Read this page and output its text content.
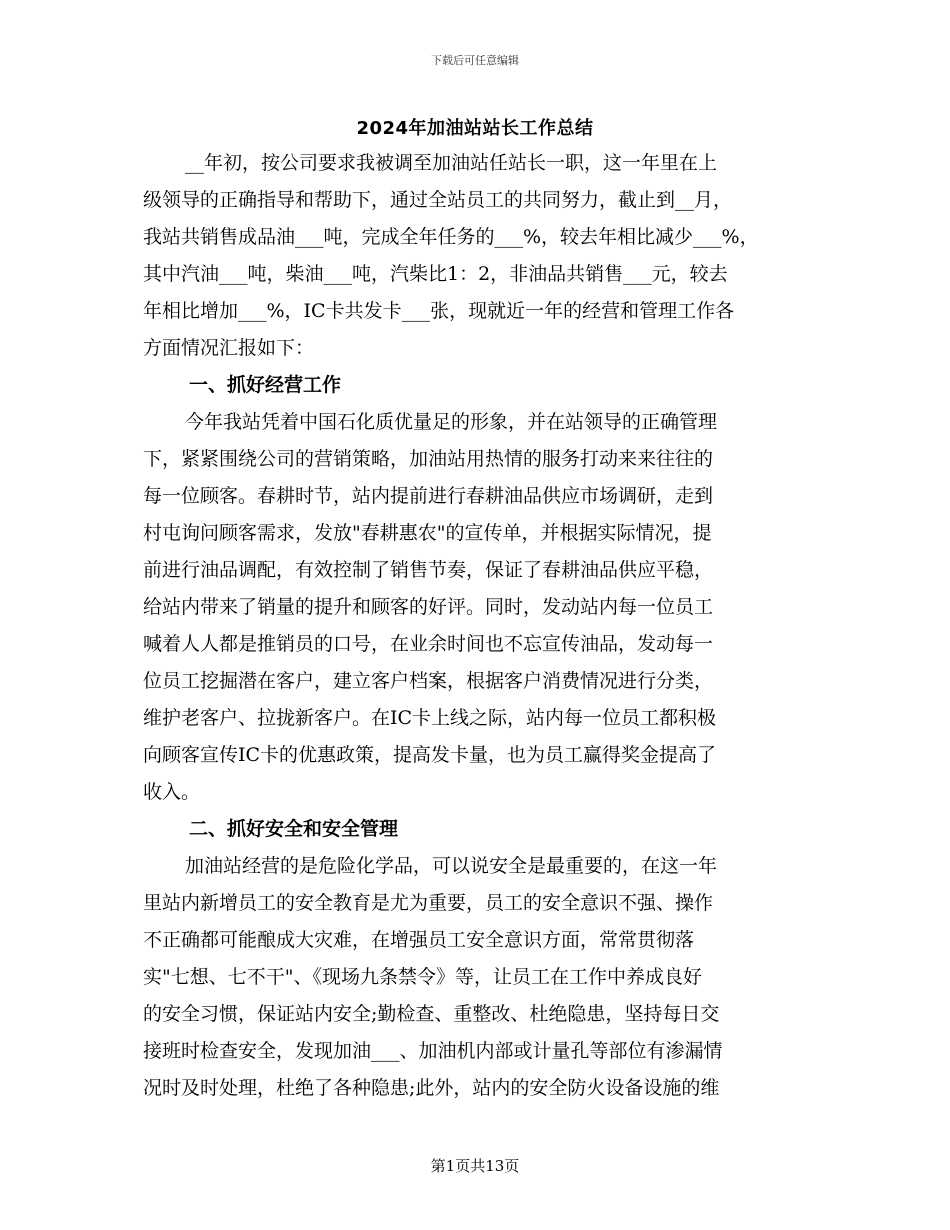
下载后可任意编辑
2024年加油站站长工作总结
__年初，按公司要求我被调至加油站任站长一职，这一年里在上
级领导的正确指导和帮助下，通过全站员工的共同努力，截止到__月，
我站共销售成品油___吨，完成全年任务的___%，较去年相比减少___%，
其中汽油___吨，柴油___吨，汽柴比1：2，非油品共销售___元，较去
年相比增加___%，IC卡共发卡___张，现就近一年的经营和管理工作各
方面情况汇报如下：
一、抓好经营工作
今年我站凭着中国石化质优量足的形象，并在站领导的正确管理
下，紧紧围绕公司的营销策略，加油站用热情的服务打动来来往往的
每一位顾客。春耕时节，站内提前进行春耕油品供应市场调研，走到
村屯询问顾客需求，发放"春耕惠农"的宣传单，并根据实际情况，提
前进行油品调配，有效控制了销售节奏，保证了春耕油品供应平稳，
给站内带来了销量的提升和顾客的好评。同时，发动站内每一位员工
喊着人人都是推销员的口号，在业余时间也不忘宣传油品，发动每一
位员工挖掘潜在客户，建立客户档案，根据客户消费情况进行分类，
维护老客户、拉拢新客户。在IC卡上线之际，站内每一位员工都积极
向顾客宣传IC卡的优惠政策，提高发卡量，也为员工赢得奖金提高了
收入。
二、抓好安全和安全管理
加油站经营的是危险化学品，可以说安全是最重要的，在这一年
里站内新增员工的安全教育是尤为重要，员工的安全意识不强、操作
不正确都可能酿成大灾难，在增强员工安全意识方面，常常贯彻落
实"七想、七不干"、《现场九条禁令》等，让员工在工作中养成良好
的安全习惯，保证站内安全;勤检查、重整改、杜绝隐患，坚持每日交
接班时检查安全，发现加油___、加油机内部或计量孔等部位有渗漏情
况时及时处理，杜绝了各种隐患;此外，站内的安全防火设备设施的维
第1页共13页
